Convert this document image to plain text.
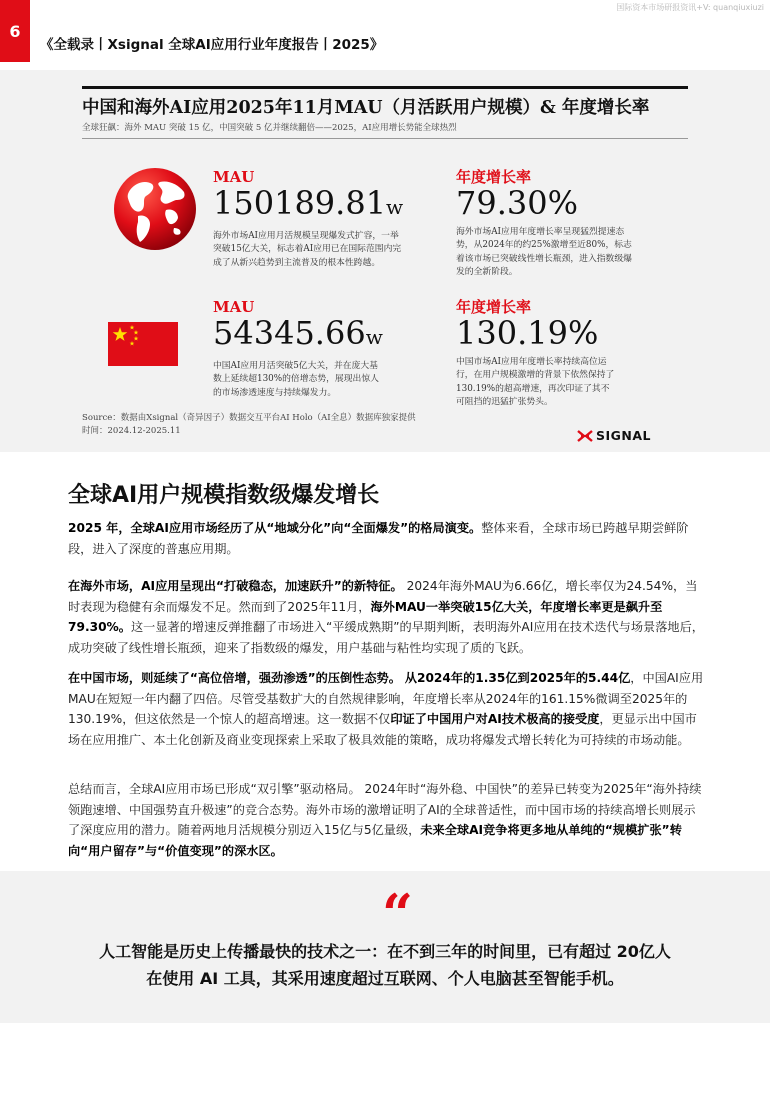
国际资本市场研报资讯+V: quanqiuxiuzi
6
《全载录丨Xsignal 全球AI应用行业年度报告丨2025》
中国和海外AI应用2025年11月MAU（月活跃用户规模）& 年度增长率
全球狂飙：海外 MAU 突破 15 亿，中国突破 5 亿并继续翻倍——2025，AI应用增长势能全球热烈
MAU
150189.81w
海外市场AI应用月活规模呈现爆发式扩容，一举突破15亿大关，标志着AI应用已在国际范围内完成了从新兴趋势到主流普及的根本性跨越。
年度增长率
79.30%
海外市场AI应用年度增长率呈现猛烈提速态势，从2024年的约25%激增至近80%，标志着该市场已突破线性增长瓶颈，进入指数级爆发的全新阶段。
MAU
54345.66w
中国AI应用月活突破5亿大关，并在庞大基数上延续超130%的倍增态势，展现出惊人的市场渗透速度与持续爆发力。
年度增长率
130.19%
中国市场AI应用年度增长率持续高位运行，在用户规模激增的背景下依然保持了130.19%的超高增速，再次印证了其不可阻挡的迅猛扩张势头。
Source：数据由Xsignal（奇异因子）数据交互平台AI Holo（AI全息）数据库独家提供
时间：2024.12-2025.11	SIGNAL
全球AI用户规模指数级爆发增长
2025 年，全球AI应用市场经历了从“地域分化”向“全面爆发”的格局演变。整体来看，全球市场已跨越早期尝鲜阶段，进入了深度的普惠应用期。
在海外市场，AI应用呈现出“打破稳态，加速跃升”的新特征。 2024年海外MAU为6.66亿，增长率仅为24.54%，当时表现为稳健有余而爆发不足。然而到了2025年11月，海外MAU一举突破15亿大关，年度增长率更是飙升至79.30%。这一显著的增速反弹推翻了市场进入“平缓成熟期”的早期判断，表明海外AI应用在技术迭代与场景落地后，成功突破了线性增长瓶颈，迎来了指数级的爆发，用户基础与粘性均实现了质的飞跃。
在中国市场，则延续了“高位倍增，强劲渗透”的压倒性态势。 从2024年的1.35亿到2025年的5.44亿，中国AI应用MAU在短短一年内翻了四倍。尽管受基数扩大的自然规律影响，年度增长率从2024年的161.15%微调至2025年的130.19%，但这依然是一个惊人的超高增速。这一数据不仅印证了中国用户对AI技术极高的接受度，更显示出中国市场在应用推广、本土化创新及商业变现探索上采取了极具效能的策略，成功将爆发式增长转化为可持续的市场动能。
总结而言，全球AI应用市场已形成“双引擎”驱动格局。 2024年时“海外稳、中国快”的差异已转变为2025年“海外持续领跑速增、中国强势直升极速”的竞合态势。海外市场的激增证明了AI的全球普适性，而中国市场的持续高增长则展示了深度应用的潜力。随着两地月活规模分别迈入15亿与5亿量级，未来全球AI竞争将更多地从单纯的“规模扩张”转向“用户留存”与“价值变现”的深水区。
“
人工智能是历史上传播最快的技术之一：在不到三年的时间里，已有超过 20亿人
在使用 AI 工具，其采用速度超过互联网、个人电脑甚至智能手机。
